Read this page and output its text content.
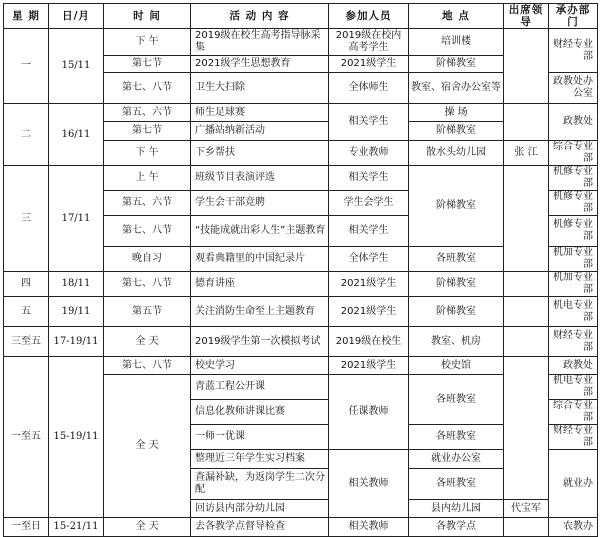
星 期	日/月	时 间	活 动 内 容	参加人员	地 点	出席领导	承办部门
一	15/11	下 午	2019级在校生高考指导脉采集	2019级在校内高考学生	培训楼		财经专业部
		第七节	2021级学生思想教育	2021级学生	阶梯教室		
		第七、八节	卫生大扫除	全体师生	教室、宿舍办公室等		政教处办公室
二	16/11	第五、六节	师生足球赛	相关学生	操 场		政教处
		第七节	广播站纳新活动		阶梯教室		
		下 午	下乡帮扶	专业教师	散水头幼儿园	张 江	综合专业部
三	17/11	上 午	班级节目表演评选	相关学生	阶梯教室		机修专业部
		第五、六节	学生会干部竞聘	学生会学生			机修专业部
		第七、八节	“技能成就出彩人生”主题教育	相关学生			机修专业部
		晚自习	观看典籍里的中国纪录片	全体学生	各班教室		机加专业部
四	18/11	第七、八节	德育讲座	2021级学生	阶梯教室		机加专业部
五	19/11	第五节	关注消防生命至上主题教育	2021级学生	阶梯教室		机电专业部
三至五	17-19/11	全 天	2019级学生第一次模拟考试	2019级在校生	教室、机房		财经专业部
一至五	15-19/11	第七、八节	校史学习	2021级学生	校史馆		政教处
		全 天	青蓝工程公开课	任课教师	各班教室		机电专业部
			信息化教师讲课比赛				综合专业部
			一师一优课		各班教室		财经专业部
			整理近三年学生实习档案	相关教师	就业办公室		就业办
			查漏补缺，为返岗学生二次分配		各班教室		
			回访县内部分幼儿园		县内幼儿园	代宝军	
一至日	15-21/11	全 天	去各教学点督导检查	相关教师	各教学点		农教办
